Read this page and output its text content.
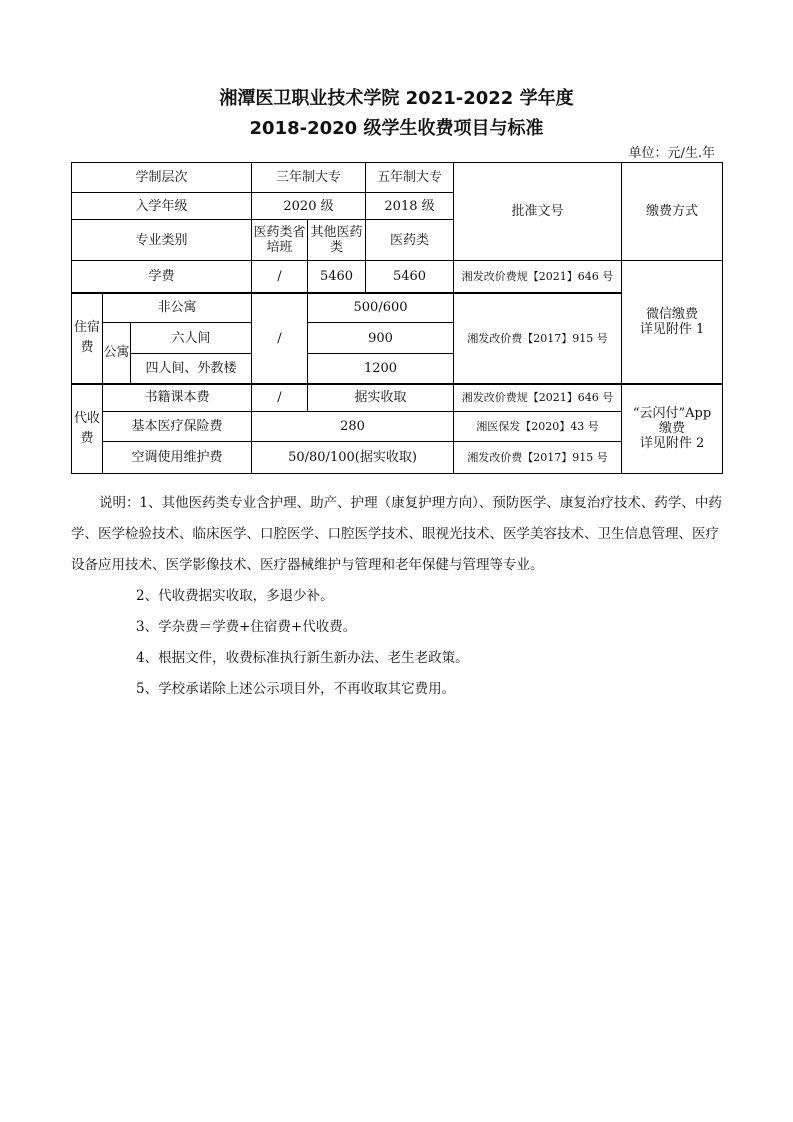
湘潭医卫职业技术学院 2021-2022 学年度
2018-2020 级学生收费项目与标准
单位：元/生.年
学制层次			三年制大专		五年制大专	批准文号	缴费方式
入学年级			2020 级		2018 级		
专业类别			医药类省培班	其他医药类	医药类		
学费			/	5460	5460	湘发改价费规【2021】646 号	微信缴费
详见附件 1

住宿费	非公寓		/	500/600		湘发改价费【2017】915 号	
	公寓	六人间		900			
		四人间、外教楼		1200			
代收费	书籍课本费		/	据实收取		湘发改价费规【2021】646 号	“云闪付”App
缴费
详见附件 2

	基本医疗保险费		280			湘医保发【2020】43 号	
	空调使用维护费		50/80/100(据实收取)			湘发改价费【2017】915 号	

说明：1、其他医药类专业含护理、助产、护理（康复护理方向）、预防医学、康复治疗技术、药学、中药学、医学检验技术、临床医学、口腔医学、口腔医学技术、眼视光技术、医学美容技术、卫生信息管理、医疗设备应用技术、医学影像技术、医疗器械维护与管理和老年保健与管理等专业。

2、代收费据实收取，多退少补。

3、学杂费＝学费+住宿费+代收费。

4、根据文件，收费标准执行新生新办法、老生老政策。

5、学校承诺除上述公示项目外，不再收取其它费用。
